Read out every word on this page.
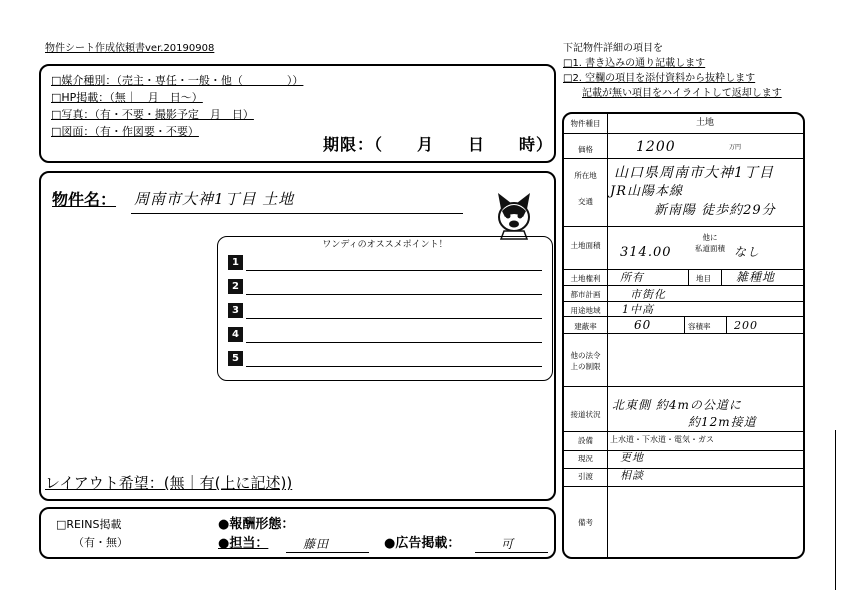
物件シート作成依頼書ver.20190908	下記物件詳細の項目を
□1. 書き込みの通り記載します
□2. 空欄の項目を添付資料から抜粋します
記載が無い項目をハイライトして返却します
□媒介種別：（売主・専任・一般・他（　　　　））
□HP掲載：（無｜　月　日～）
□写真：（有・不要・撮影予定　月　日）
□図面：（有・作図要・不要）
期限：（　　月　　日　　時）
物件名： 周南市大神1丁目 土地
ワンディのオススメポイント！
1
2
3
4
5
レイアウト希望：(無｜有(上に記述))
□REINS掲載
（有・無）
●報酬形態：
●担当：	藤田	●広告掲載：	可
物件種目	土地
価格	1200	万円
所在地	山口県周南市大神1丁目
交通
JR山陽本線
新南陽 徒歩約29分
土地面積	314.00
他に
私道面積 なし
土地権利	所有	地目 雑種地
都市計画	市街化
用途地域	1中高
建蔽率	60	容積率 200
他の法令
上の制限
接道状況
北東側 約4mの公道に
約12m接道
設備	上水道・下水道・電気・ガス
現況	更地
引渡	相談
備考
